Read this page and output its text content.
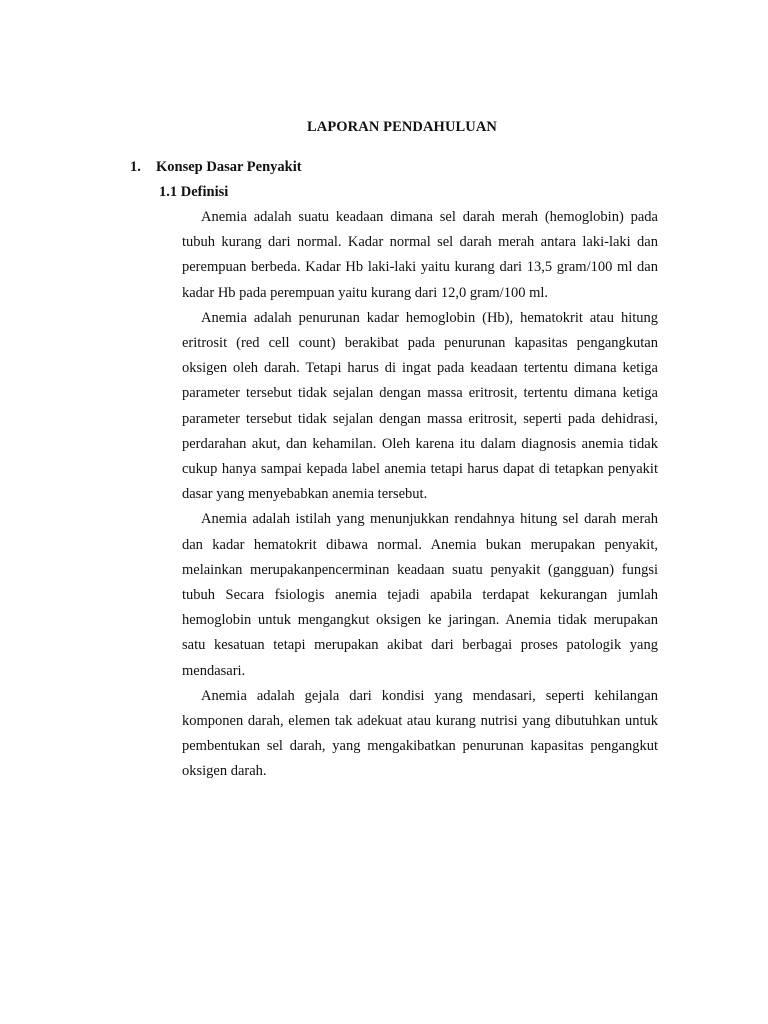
LAPORAN PENDAHULUAN
1. Konsep Dasar Penyakit
1.1 Definisi

Anemia adalah suatu keadaan dimana sel darah merah (hemoglobin) pada tubuh kurang dari normal. Kadar normal sel darah merah antara laki-laki dan perempuan berbeda. Kadar Hb laki-laki yaitu kurang dari 13,5 gram/100 ml dan kadar Hb pada perempuan yaitu kurang dari 12,0 gram/100 ml.

Anemia adalah penurunan kadar hemoglobin (Hb), hematokrit atau hitung eritrosit (red cell count) berakibat pada penurunan kapasitas pengangkutan oksigen oleh darah. Tetapi harus di ingat pada keadaan tertentu dimana ketiga parameter tersebut tidak sejalan dengan massa eritrosit, tertentu dimana ketiga parameter tersebut tidak sejalan dengan massa eritrosit, seperti pada dehidrasi, perdarahan akut, dan kehamilan. Oleh karena itu dalam diagnosis anemia tidak cukup hanya sampai kepada label anemia tetapi harus dapat di tetapkan penyakit dasar yang menyebabkan anemia tersebut.

Anemia adalah istilah yang menunjukkan rendahnya hitung sel darah merah dan kadar hematokrit dibawa normal. Anemia bukan merupakan penyakit, melainkan merupakanpencerminan keadaan suatu penyakit (gangguan) fungsi tubuh Secara fsiologis anemia tejadi apabila terdapat kekurangan jumlah hemoglobin untuk mengangkut oksigen ke jaringan. Anemia tidak merupakan satu kesatuan tetapi merupakan akibat dari berbagai proses patologik yang mendasari.

Anemia adalah gejala dari kondisi yang mendasari, seperti kehilangan komponen darah, elemen tak adekuat atau kurang nutrisi yang dibutuhkan untuk pembentukan sel darah, yang mengakibatkan penurunan kapasitas pengangkut oksigen darah.
